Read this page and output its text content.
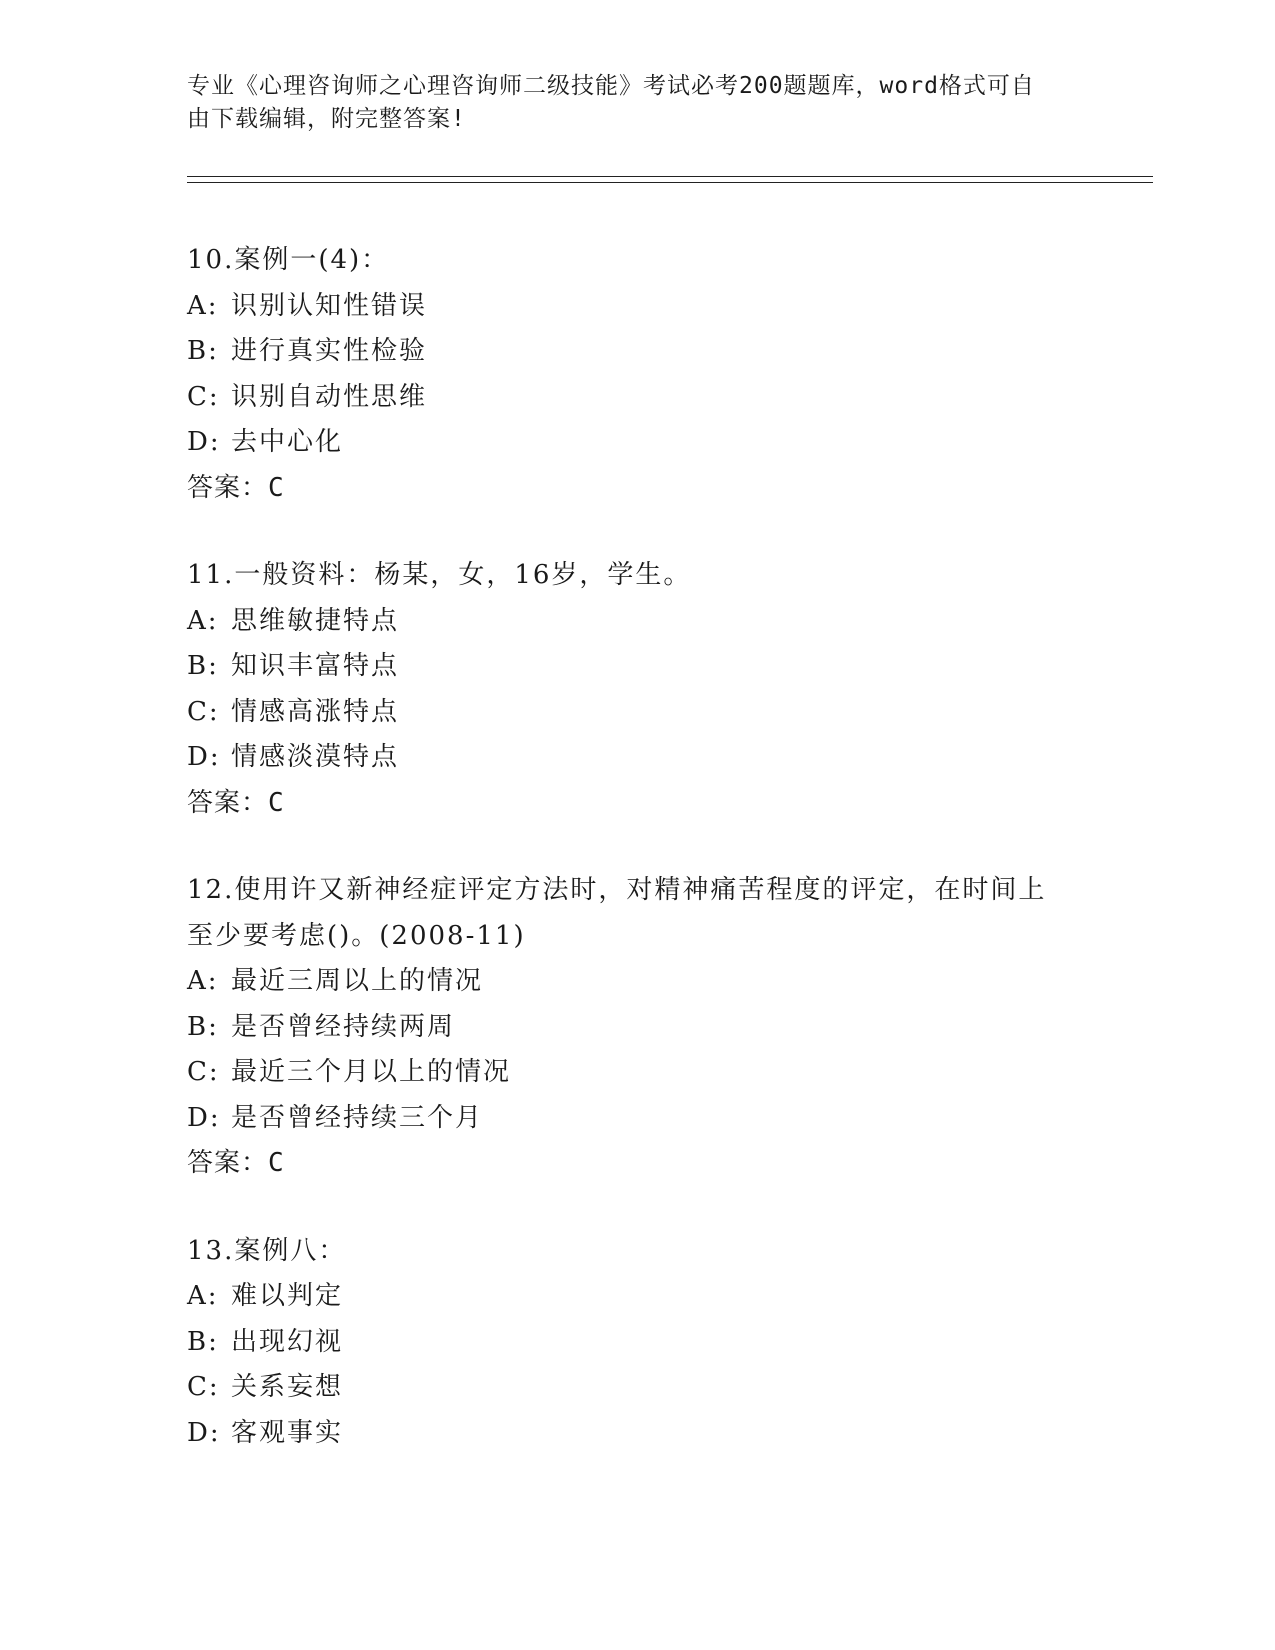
专业《心理咨询师之心理咨询师二级技能》考试必考200题题库，word格式可自
由下载编辑，附完整答案!
10.案例一(4)：
A: 识别认知性错误
B: 进行真实性检验
C: 识别自动性思维
D: 去中心化
答案：C
11.一般资料：杨某，女，16岁，学生。
A: 思维敏捷特点
B: 知识丰富特点
C: 情感高涨特点
D: 情感淡漠特点
答案：C
12.使用许又新神经症评定方法时，对精神痛苦程度的评定，在时间上
至少要考虑()。(2008-11)
A: 最近三周以上的情况
B: 是否曾经持续两周
C: 最近三个月以上的情况
D: 是否曾经持续三个月
答案：C
13.案例八：
A: 难以判定
B: 出现幻视
C: 关系妄想
D: 客观事实
